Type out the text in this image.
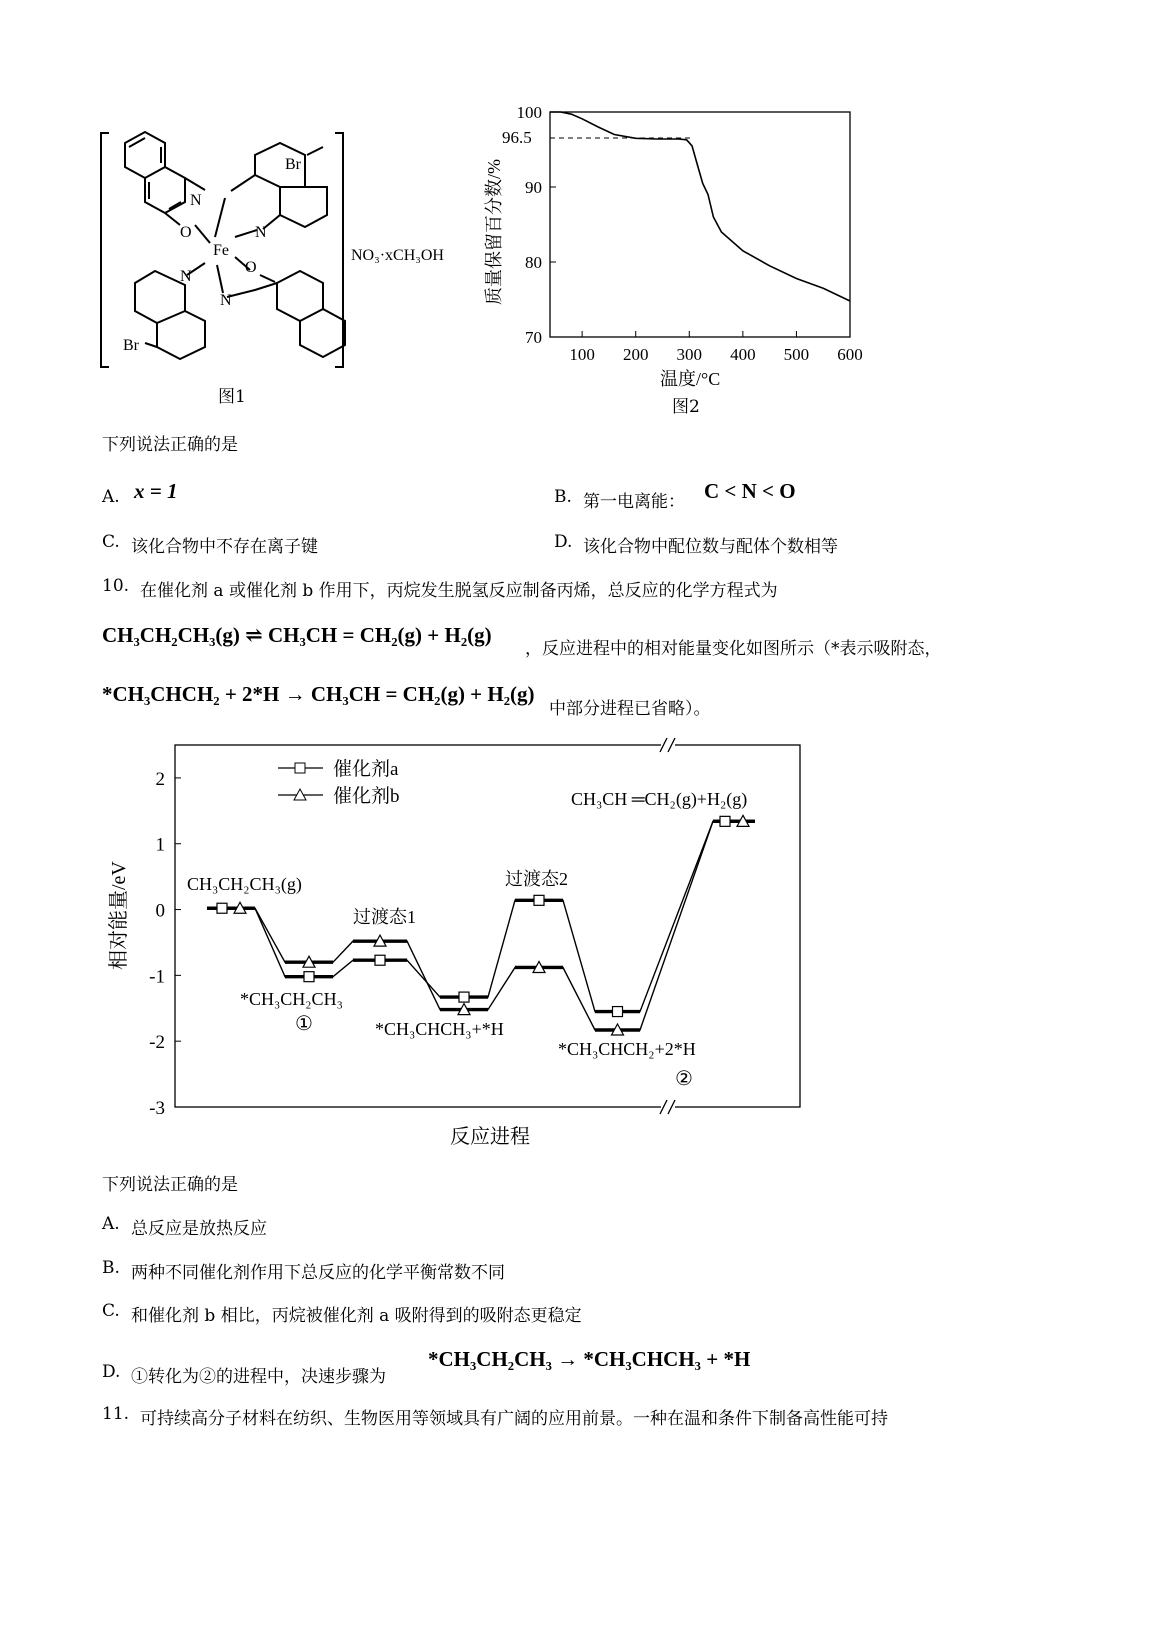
Br
N
N
O
Fe
N
O
N
Br
NO₃·xCH₃OH
图1
100
90
80
70
100 200 300 400 500 600
96.5
质量保留百分数/%
温度/°C
图2
下列说法正确的是
A. x = 1	B. 第一电离能： C < N < O
C. 该化合物中不存在离子键	D. 该化合物中配位数与配体个数相等
10. 在催化剂 a 或催化剂 b 作用下，丙烷发生脱氢反应制备丙烯，总反应的化学方程式为
CH₃CH₂CH₃(g) ⇌ CH₃CH = CH₂(g) + H₂(g)
，反应进程中的相对能量变化如图所示（*表示吸附态，
*CH₃CHCH₂ + 2*H → CH₃CH = CH₂(g) + H₂(g)
中部分进程已省略）。
2
1
0
-1
-2
-3
催化剂a
催化剂b
CH₃CH₂CH₃(g)
*CH₃CH₂CH₃
①
过渡态1
*CH₃CHCH₃+*H
过渡态2
*CH₃CHCH₂+2*H
②
CH₃CH ═CH₂(g)+H₂(g)
相对能量/eV
反应进程
下列说法正确的是
A. 总反应是放热反应
B. 两种不同催化剂作用下总反应的化学平衡常数不同
C. 和催化剂 b 相比，丙烷被催化剂 a 吸附得到的吸附态更稳定
D. ①转化为②的进程中，决速步骤为
*CH₃CH₂CH₃ → *CH₃CHCH₃ + *H
11. 可持续高分子材料在纺织、生物医用等领域具有广阔的应用前景。一种在温和条件下制备高性能可持
